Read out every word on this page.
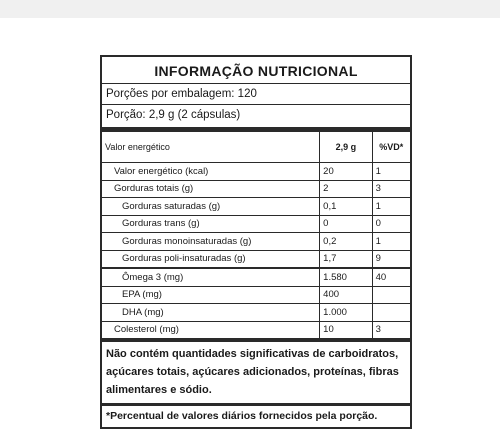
INFORMAÇÃO NUTRICIONAL
Porções por embalagem: 120
Porção: 2,9 g (2 cápsulas)
Valor energético	2,9 g	%VD*
Valor energético (kcal)	20	1
Gorduras totais (g)	2	3
Gorduras saturadas (g)	0,1	1
Gorduras trans (g)	0	0
Gorduras monoinsaturadas (g)	0,2	1
Gorduras poli-insaturadas (g)	1,7	9
Ômega 3 (mg)	1.580	40
EPA (mg)	400	
DHA (mg)	1.000	
Colesterol (mg)	10	3
Não contém quantidades significativas de carboidratos, açúcares totais, açúcares adicionados, proteínas, fibras alimentares e sódio.
*Percentual de valores diários fornecidos pela porção.
